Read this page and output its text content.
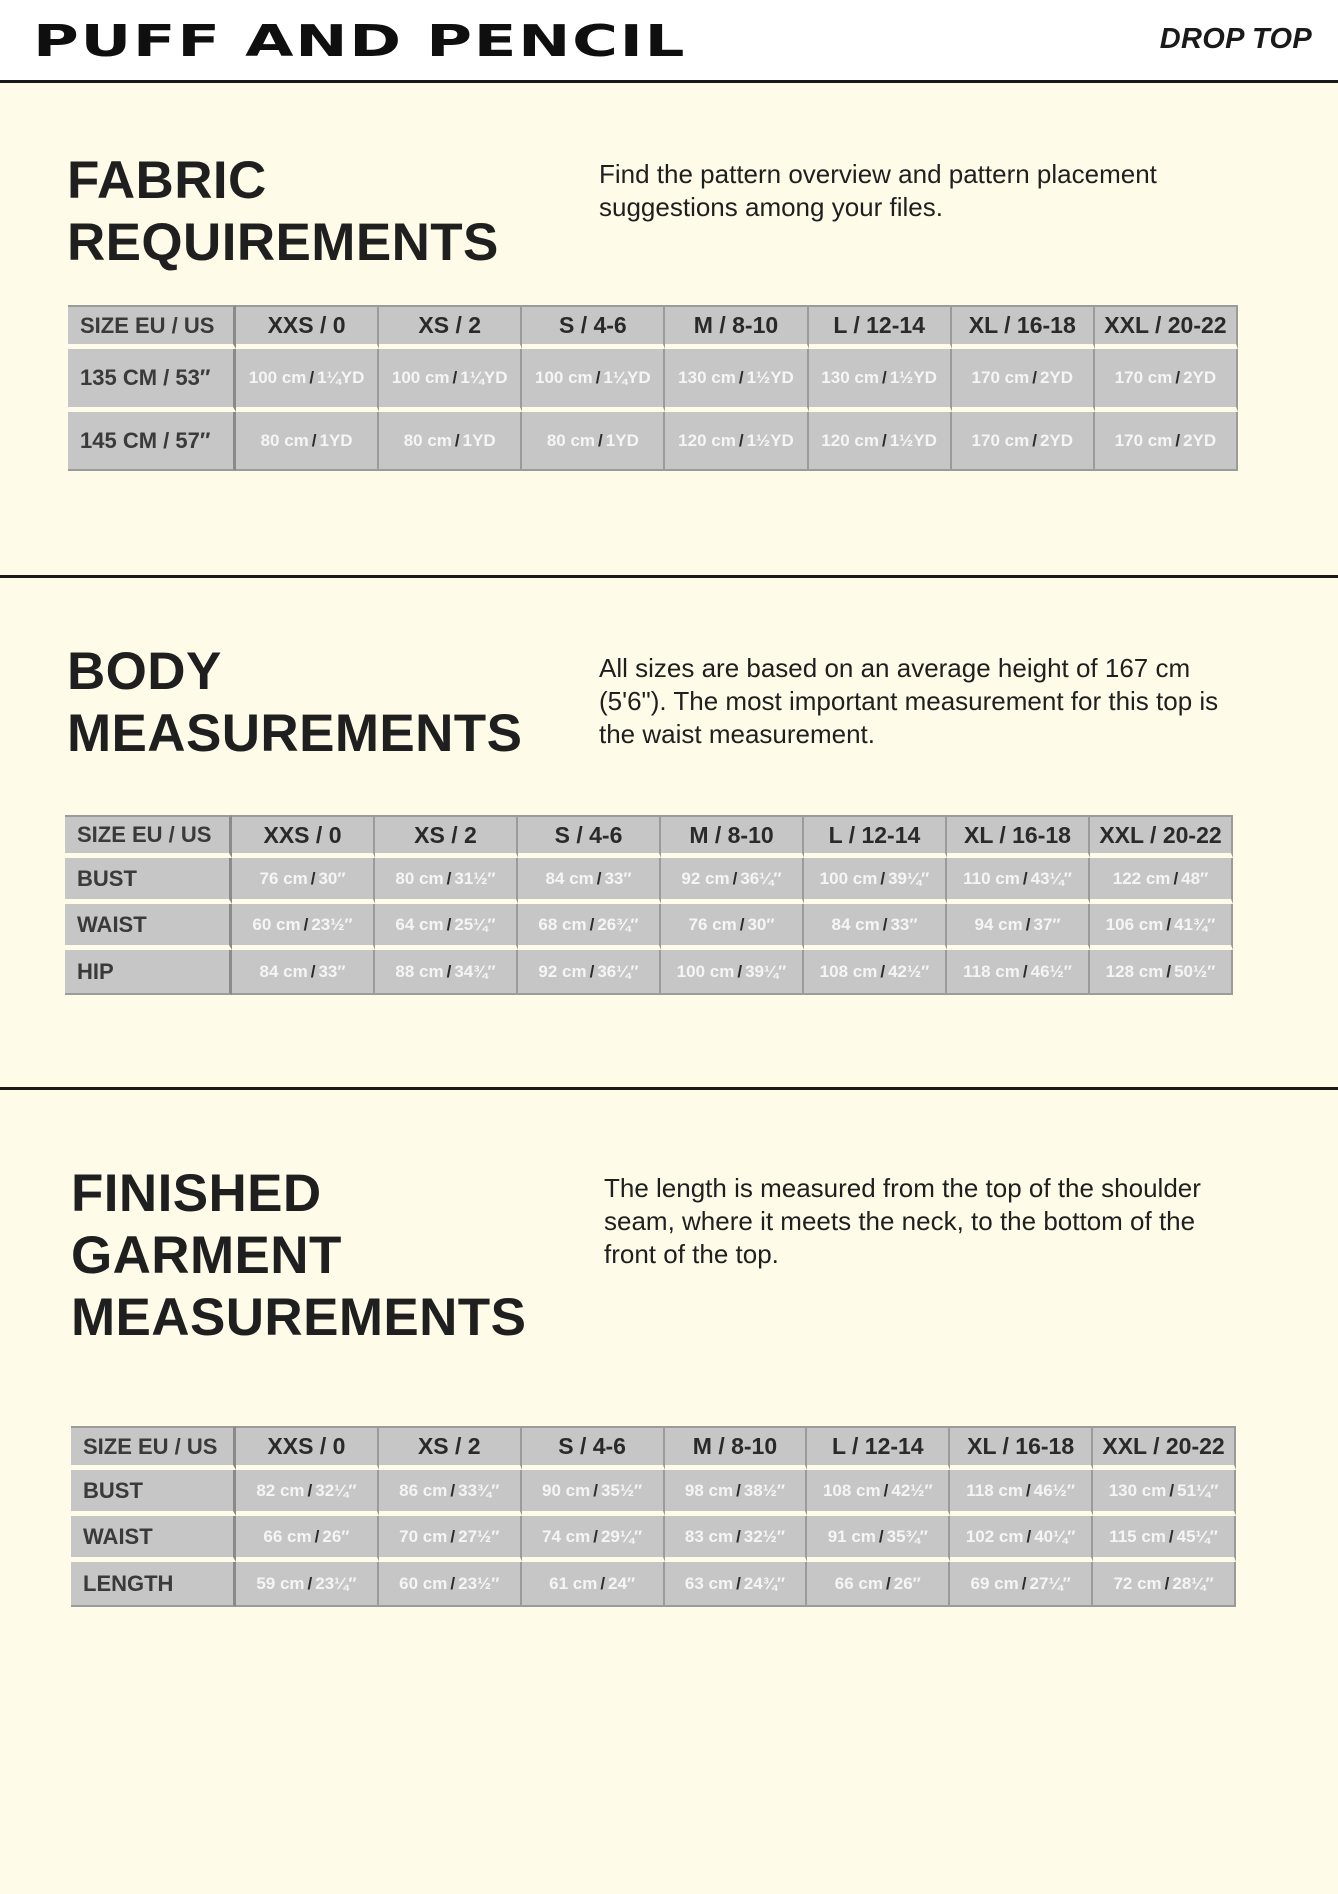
PUFF AND PENCIL	DROP TOP
FABRIC
REQUIREMENTS
Find the pattern overview and pattern placement suggestions among your files.
SIZE EU / US	XXS / 0	XS / 2	S / 4-6	M / 8-10	L / 12-14	XL / 16-18	XXL / 20-22
135 CM / 53″	100 cm / 1¼YD	100 cm / 1¼YD	100 cm / 1¼YD	130 cm / 1½YD	130 cm / 1½YD	170 cm / 2YD	170 cm / 2YD
145 CM / 57″	80 cm / 1YD	80 cm / 1YD	80 cm / 1YD	120 cm / 1½YD	120 cm / 1½YD	170 cm / 2YD	170 cm / 2YD
BODY
MEASUREMENTS
All sizes are based on an average height of 167 cm (5'6"). The most important measurement for this top is the waist measurement.
SIZE EU / US	XXS / 0	XS / 2	S / 4-6	M / 8-10	L / 12-14	XL / 16-18	XXL / 20-22
BUST	76 cm / 30″	80 cm / 31½″	84 cm / 33″	92 cm / 36¼″	100 cm / 39¼″	110 cm / 43¼″	122 cm / 48″
WAIST	60 cm / 23½″	64 cm / 25¼″	68 cm / 26¾″	76 cm / 30″	84 cm / 33″	94 cm / 37″	106 cm / 41¾″
HIP	84 cm / 33″	88 cm / 34¾″	92 cm / 36¼″	100 cm / 39¼″	108 cm / 42½″	118 cm / 46½″	128 cm / 50½″
FINISHED
GARMENT
MEASUREMENTS
The length is measured from the top of the shoulder seam, where it meets the neck, to the bottom of the front of the top.
SIZE EU / US	XXS / 0	XS / 2	S / 4-6	M / 8-10	L / 12-14	XL / 16-18	XXL / 20-22
BUST	82 cm / 32¼″	86 cm / 33¾″	90 cm / 35½″	98 cm / 38½″	108 cm / 42½″	118 cm / 46½″	130 cm / 51¼″
WAIST	66 cm / 26″	70 cm / 27½″	74 cm / 29¼″	83 cm / 32½″	91 cm / 35¾″	102 cm / 40¼″	115 cm / 45¼″
LENGTH	59 cm / 23¼″	60 cm / 23½″	61 cm / 24″	63 cm / 24¾″	66 cm / 26″	69 cm / 27¼″	72 cm / 28¼″
